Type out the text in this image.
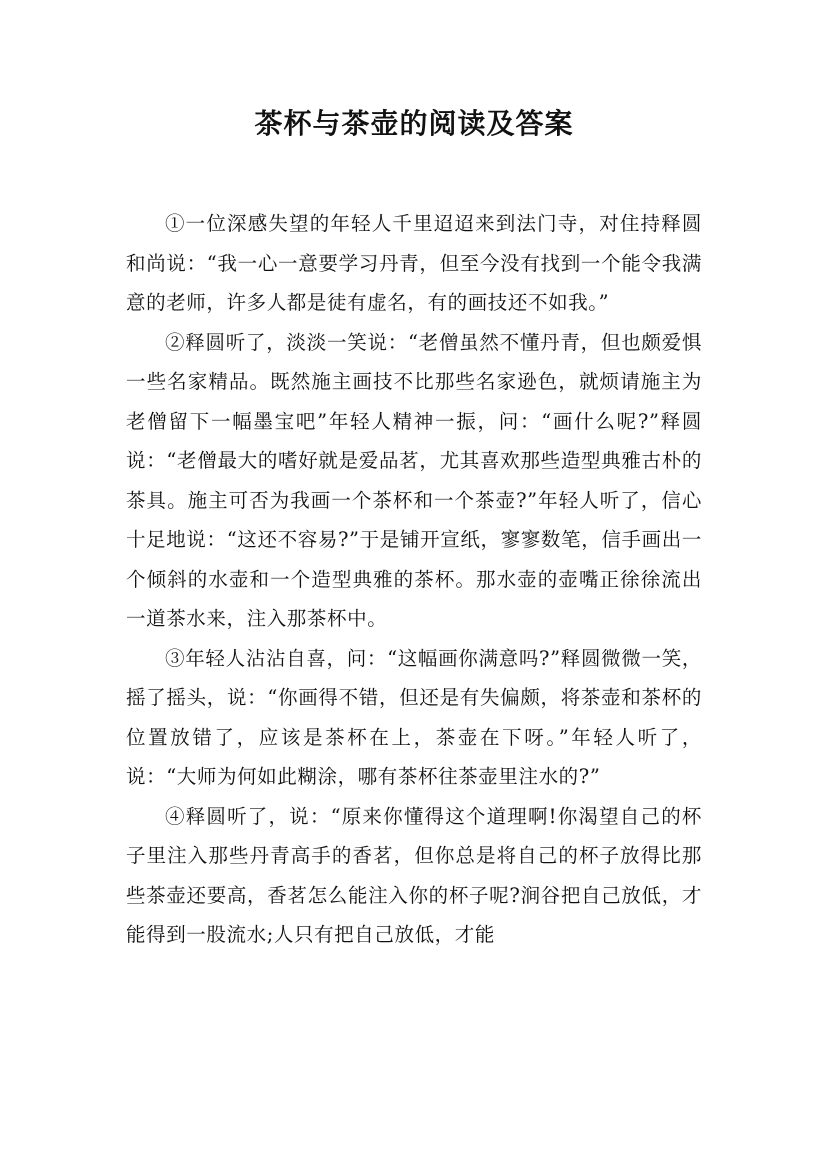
茶杯与茶壶的阅读及答案

①一位深感失望的年轻人千里迢迢来到法门寺，对住持释圆和尚说：“我一心一意要学习丹青，但至今没有找到一个能令我满意的老师，许多人都是徒有虚名，有的画技还不如我。”

②释圆听了，淡淡一笑说：“老僧虽然不懂丹青，但也颇爱惧一些名家精品。既然施主画技不比那些名家逊色，就烦请施主为老僧留下一幅墨宝吧”年轻人精神一振，问：“画什么呢?”释圆说：“老僧最大的嗜好就是爱品茗，尤其喜欢那些造型典雅古朴的茶具。施主可否为我画一个茶杯和一个茶壶?”年轻人听了，信心十足地说：“这还不容易?”于是铺开宣纸，寥寥数笔，信手画出一个倾斜的水壶和一个造型典雅的茶杯。那水壶的壶嘴正徐徐流出一道茶水来，注入那茶杯中。

③年轻人沾沾自喜，问：“这幅画你满意吗?”释圆微微一笑，摇了摇头，说：“你画得不错，但还是有失偏颇，将茶壶和茶杯的位置放错了，应该是茶杯在上，茶壶在下呀。”年轻人听了，说：“大师为何如此糊涂，哪有茶杯往茶壶里注水的?”

④释圆听了，说：“原来你懂得这个道理啊!你渴望自己的杯子里注入那些丹青高手的香茗，但你总是将自己的杯子放得比那些茶壶还要高，香茗怎么能注入你的杯子呢?涧谷把自己放低，才能得到一股流水;人只有把自己放低，才能
